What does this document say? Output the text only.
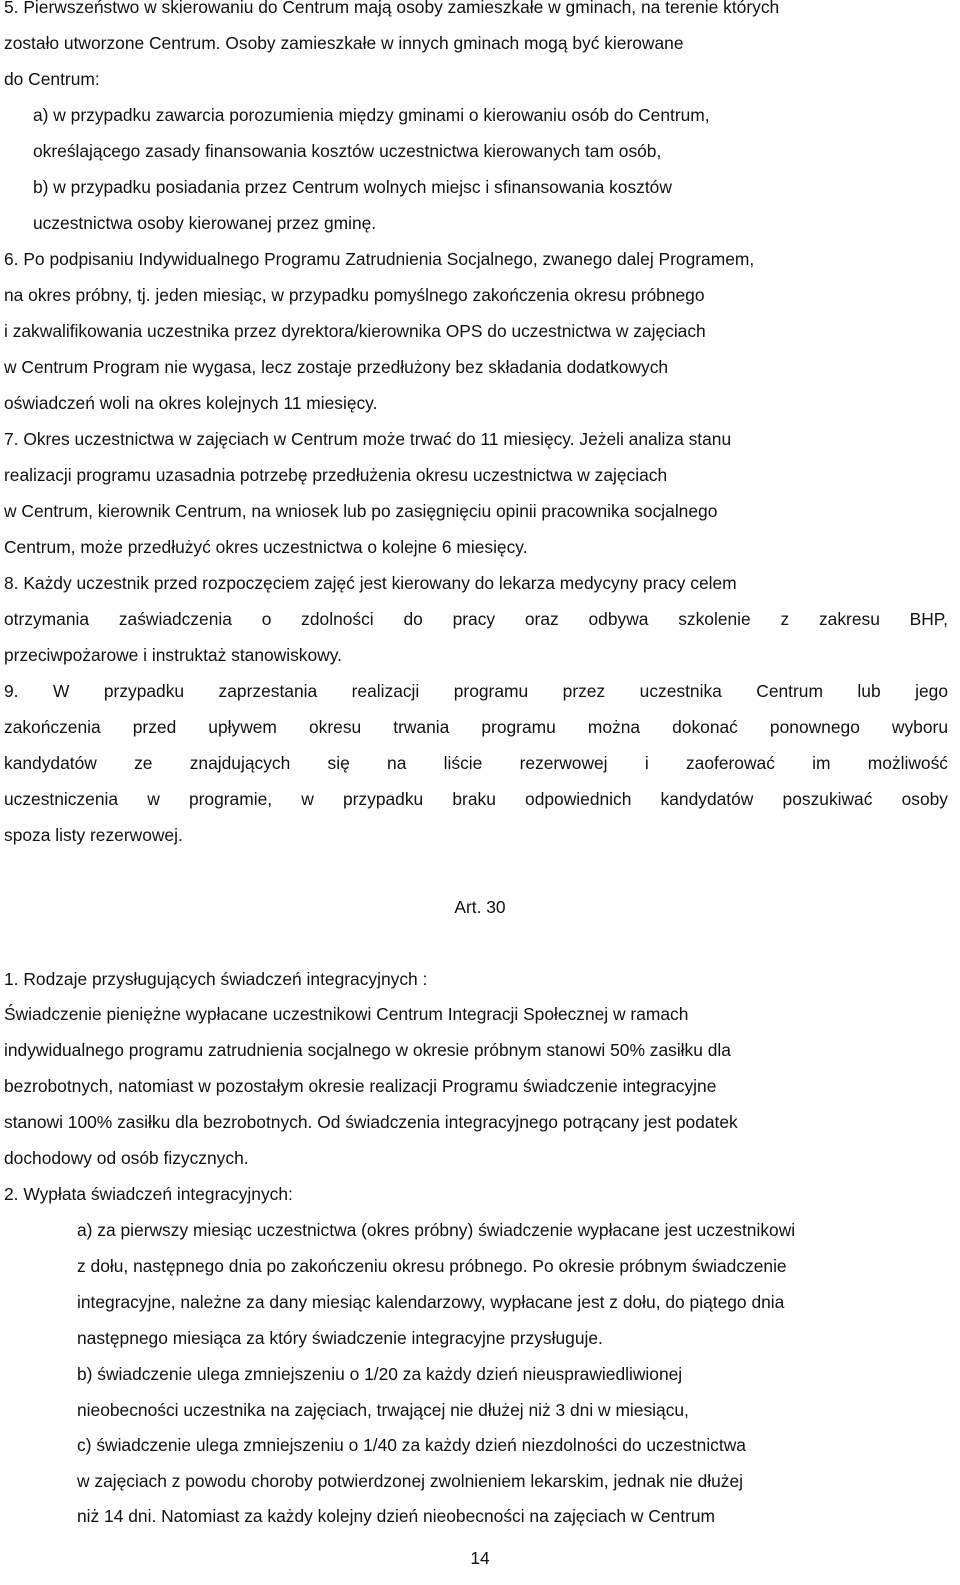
5. Pierwszeństwo w skierowaniu do Centrum mają osoby zamieszkałe w gminach, na terenie których
zostało utworzone Centrum. Osoby zamieszkałe w innych gminach mogą być kierowane
do Centrum:
a) w przypadku zawarcia porozumienia między gminami o kierowaniu osób do Centrum,
określającego zasady finansowania kosztów uczestnictwa kierowanych tam osób,
b) w przypadku posiadania przez Centrum wolnych miejsc i sfinansowania kosztów
uczestnictwa osoby kierowanej przez gminę.
6. Po podpisaniu Indywidualnego Programu Zatrudnienia Socjalnego, zwanego dalej Programem,
na okres próbny, tj. jeden miesiąc, w przypadku pomyślnego zakończenia okresu próbnego
i zakwalifikowania uczestnika przez dyrektora/kierownika OPS do uczestnictwa w zajęciach
w Centrum Program nie wygasa, lecz zostaje przedłużony bez składania dodatkowych
oświadczeń woli na okres kolejnych 11 miesięcy.
7. Okres uczestnictwa w zajęciach w Centrum może trwać do 11 miesięcy. Jeżeli analiza stanu
realizacji programu uzasadnia potrzebę przedłużenia okresu uczestnictwa w zajęciach
w Centrum, kierownik Centrum, na wniosek lub po zasięgnięciu opinii pracownika socjalnego
Centrum, może przedłużyć okres uczestnictwa o kolejne 6 miesięcy.
8. Każdy uczestnik przed rozpoczęciem zajęć jest kierowany do lekarza medycyny pracy celem
otrzymania zaświadczenia o zdolności do pracy oraz odbywa szkolenie z zakresu BHP,
przeciwpożarowe i instruktaż stanowiskowy.
9. W przypadku zaprzestania realizacji programu przez uczestnika Centrum lub jego
zakończenia przed upływem okresu trwania programu można dokonać ponownego wyboru
kandydatów ze znajdujących się na liście rezerwowej i zaoferować im możliwość
uczestniczenia w programie, w przypadku braku odpowiednich kandydatów poszukiwać osoby
spoza listy rezerwowej.
Art. 30
1. Rodzaje przysługujących świadczeń integracyjnych :
Świadczenie pieniężne wypłacane uczestnikowi Centrum Integracji Społecznej w ramach
indywidualnego programu zatrudnienia socjalnego w okresie próbnym stanowi 50% zasiłku dla
bezrobotnych, natomiast w pozostałym okresie realizacji Programu świadczenie integracyjne
stanowi 100% zasiłku dla bezrobotnych. Od świadczenia integracyjnego potrącany jest podatek
dochodowy od osób fizycznych.
2. Wypłata świadczeń integracyjnych:
a) za pierwszy miesiąc uczestnictwa (okres próbny) świadczenie wypłacane jest uczestnikowi
z dołu, następnego dnia po zakończeniu okresu próbnego. Po okresie próbnym świadczenie
integracyjne, należne za dany miesiąc kalendarzowy, wypłacane jest z dołu, do piątego dnia
następnego miesiąca za który świadczenie integracyjne przysługuje.
b) świadczenie ulega zmniejszeniu o 1/20 za każdy dzień nieusprawiedliwionej
nieobecności uczestnika na zajęciach, trwającej nie dłużej niż 3 dni w miesiącu,
c) świadczenie ulega zmniejszeniu o 1/40 za każdy dzień niezdolności do uczestnictwa
w zajęciach z powodu choroby potwierdzonej zwolnieniem lekarskim, jednak nie dłużej
niż 14 dni. Natomiast za każdy kolejny dzień nieobecności na zajęciach w Centrum
14
